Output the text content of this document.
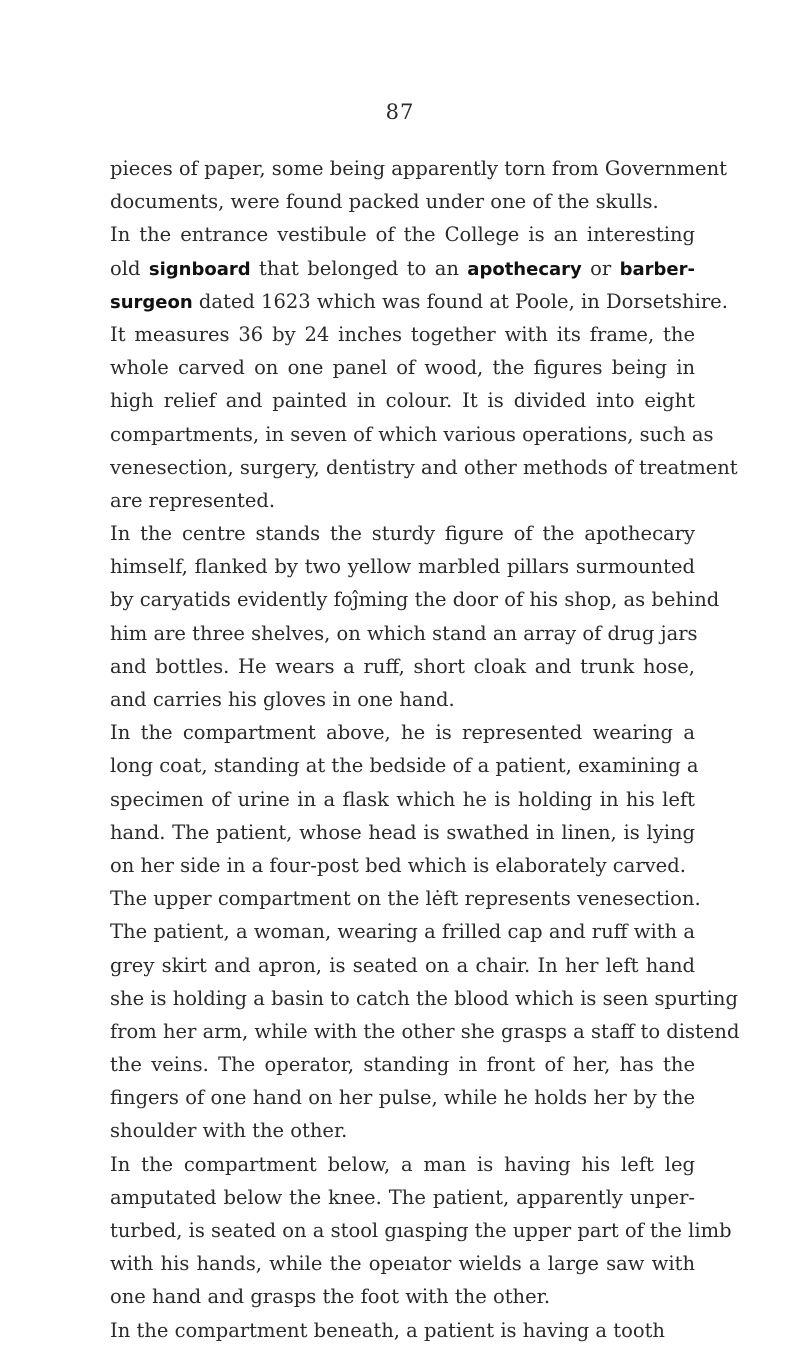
87
pieces of paper, some being apparently torn from Government
documents, were found packed under one of the skulls.
In the entrance vestibule of the College is an interesting
old signboard that belonged to an apothecary or barber-
surgeon dated 1623 which was found at Poole, in Dorsetshire.
It measures 36 by 24 inches together with its frame, the
whole carved on one panel of wood, the figures being in
high relief and painted in colour. It is divided into eight
compartments, in seven of which various operations, such as
venesection, surgery, dentistry and other methods of treatment
are represented.
In the centre stands the sturdy figure of the apothecary
himself, flanked by two yellow marbled pillars surmounted
by caryatids evidently foĵming the door of his shop, as behind
him are three shelves, on which stand an array of drug jars
and bottles. He wears a ruff, short cloak and trunk hose,
and carries his gloves in one hand.
In the compartment above, he is represented wearing a
long coat, standing at the bedside of a patient, examining a
specimen of urine in a flask which he is holding in his left
hand. The patient, whose head is swathed in linen, is lying
on her side in a four-post bed which is elaborately carved.
The upper compartment on the lėft represents venesection.
The patient, a woman, wearing a frilled cap and ruff with a
grey skirt and apron, is seated on a chair. In her left hand
she is holding a basin to catch the blood which is seen spurting
from her arm, while with the other she grasps a staff to distend
the veins. The operator, standing in front of her, has the
fingers of one hand on her pulse, while he holds her by the
shoulder with the other.
In the compartment below, a man is having his left leg
amputated below the knee. The patient, apparently unper-
turbed, is seated on a stool gıasping the upper part of the limb
with his hands, while the opeıator wields a large saw with
one hand and grasps the foot with the other.
In the compartment beneath, a patient is having a tooth
